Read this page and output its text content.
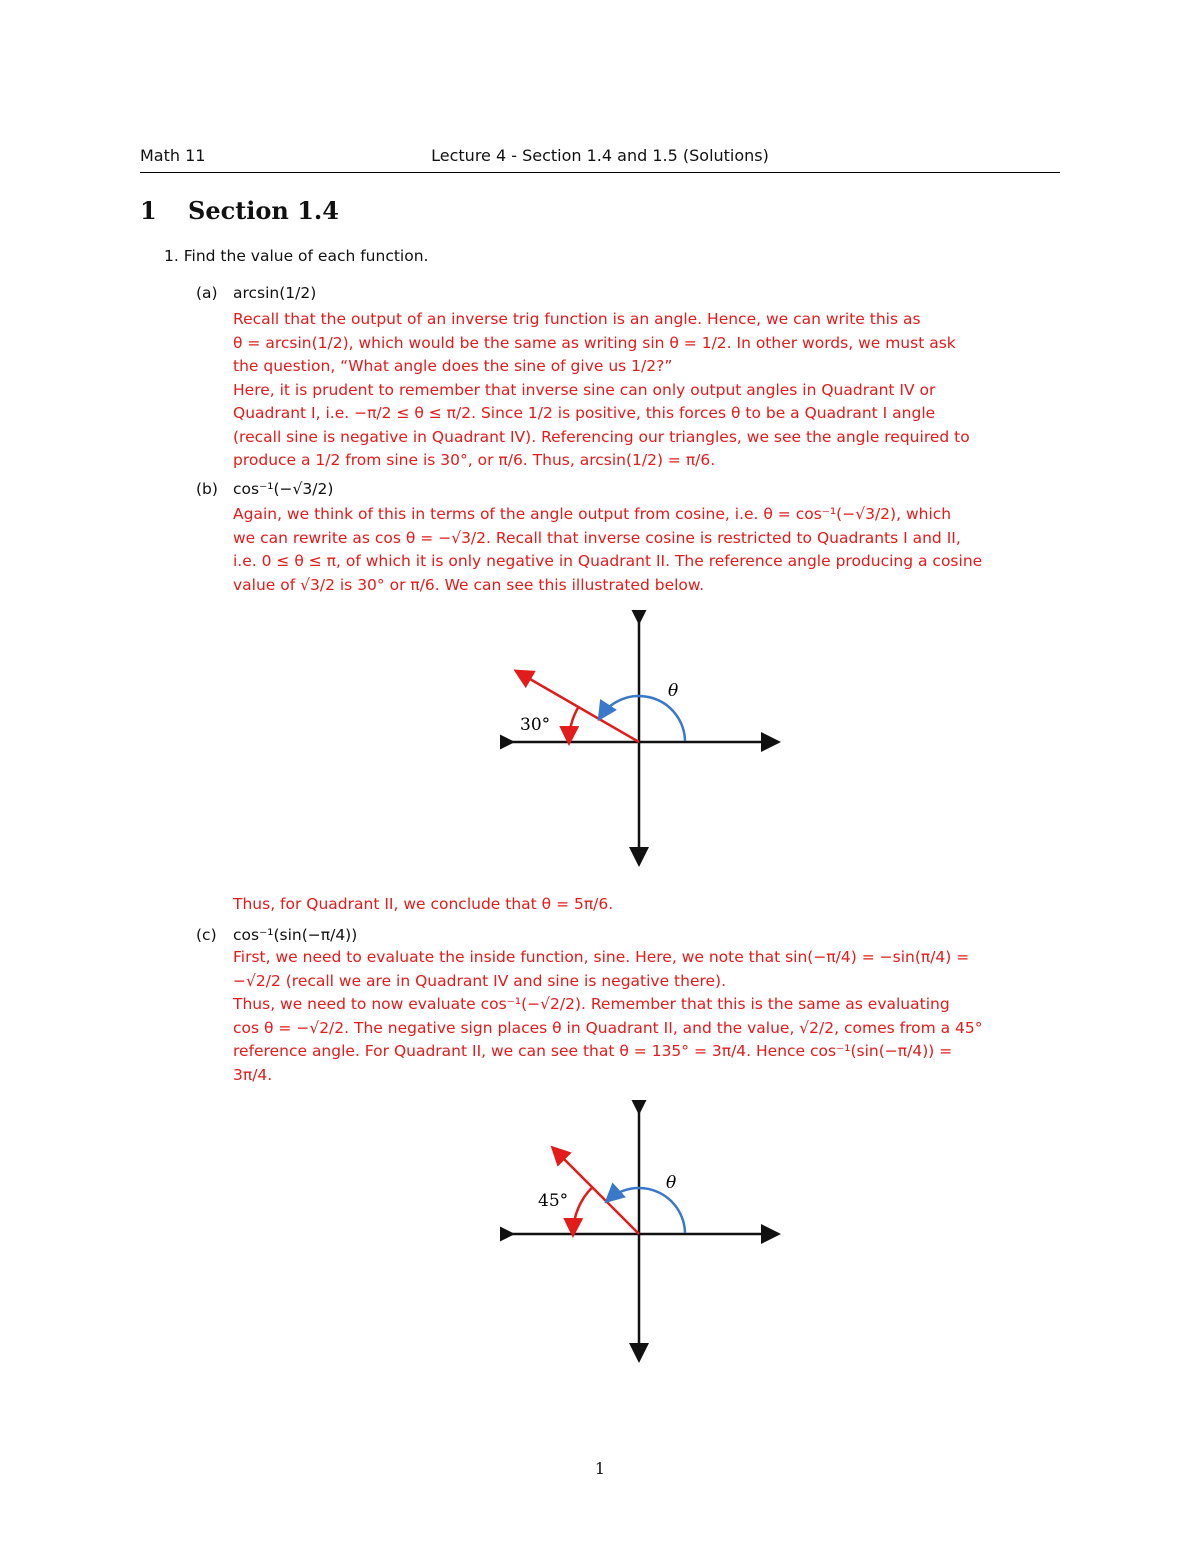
Math 11	Lecture 4 - Section 1.4 and 1.5 (Solutions)
1 Section 1.4
1. Find the value of each function.
(a) arcsin(1/2)
Recall that the output of an inverse trig function is an angle. Hence, we can write this as
θ = arcsin(1/2), which would be the same as writing sin θ = 1/2. In other words, we must ask
the question, “What angle does the sine of give us 1/2?”
Here, it is prudent to remember that inverse sine can only output angles in Quadrant IV or
Quadrant I, i.e. −π/2 ≤ θ ≤ π/2. Since 1/2 is positive, this forces θ to be a Quadrant I angle
(recall sine is negative in Quadrant IV). Referencing our triangles, we see the angle required to
produce a 1/2 from sine is 30°, or π/6. Thus, arcsin(1/2) = π/6.
(b) cos⁻¹(−√3/2)
Again, we think of this in terms of the angle output from cosine, i.e. θ = cos⁻¹(−√3/2), which
we can rewrite as cos θ = −√3/2. Recall that inverse cosine is restricted to Quadrants I and II,
i.e. 0 ≤ θ ≤ π, of which it is only negative in Quadrant II. The reference angle producing a cosine
value of √3/2 is 30° or π/6. We can see this illustrated below.
30°
θ
Thus, for Quadrant II, we conclude that θ = 5π/6.
(c) cos⁻¹(sin(−π/4))
First, we need to evaluate the inside function, sine. Here, we note that sin(−π/4) = −sin(π/4) =
−√2/2 (recall we are in Quadrant IV and sine is negative there).
Thus, we need to now evaluate cos⁻¹(−√2/2). Remember that this is the same as evaluating
cos θ = −√2/2. The negative sign places θ in Quadrant II, and the value, √2/2, comes from a 45°
reference angle. For Quadrant II, we can see that θ = 135° = 3π/4. Hence cos⁻¹(sin(−π/4)) =
3π/4.
45°
θ
1
